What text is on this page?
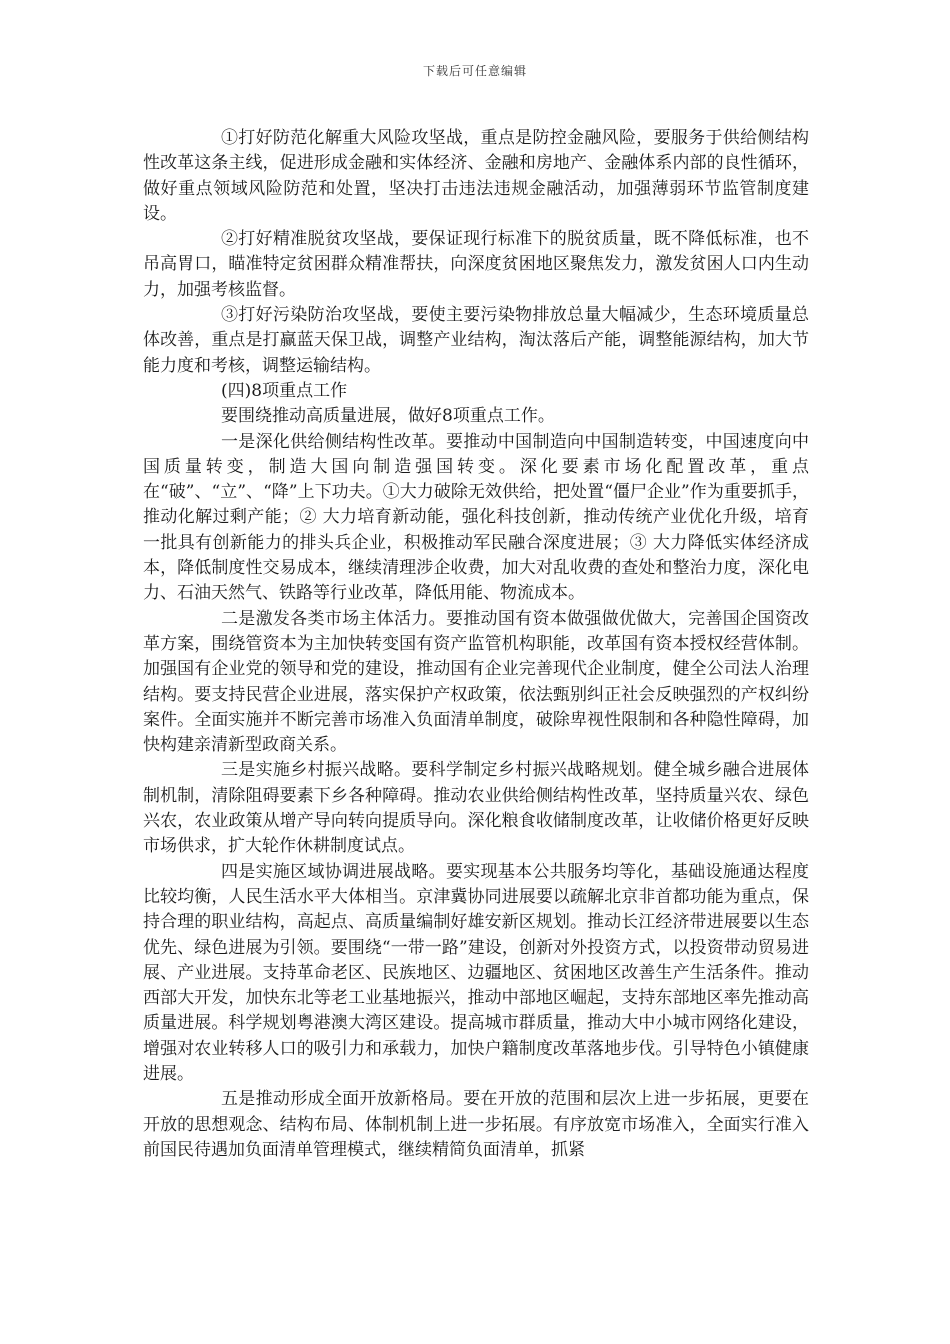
下载后可任意编辑

①打好防范化解重大风险攻坚战，重点是防控金融风险，要服务于供给侧结构性改革这条主线，促进形成金融和实体经济、金融和房地产、金融体系内部的良性循环，做好重点领域风险防范和处置，坚决打击违法违规金融活动，加强薄弱环节监管制度建设。

②打好精准脱贫攻坚战，要保证现行标准下的脱贫质量，既不降低标准，也不吊高胃口，瞄准特定贫困群众精准帮扶，向深度贫困地区聚焦发力，激发贫困人口内生动力，加强考核监督。

③打好污染防治攻坚战，要使主要污染物排放总量大幅减少，生态环境质量总体改善，重点是打赢蓝天保卫战，调整产业结构，淘汰落后产能，调整能源结构，加大节能力度和考核，调整运输结构。

(四)8项重点工作

要围绕推动高质量进展，做好8项重点工作。

一是深化供给侧结构性改革。要推动中国制造向中国制造转变，中国速度向中国质量转变，制造大国向制造强国转变。深化要素市场化配置改革，重点在“破”、“立”、“降”上下功夫。①大力破除无效供给，把处置“僵尸企业”作为重要抓手，推动化解过剩产能；② 大力培育新动能，强化科技创新，推动传统产业优化升级，培育一批具有创新能力的排头兵企业，积极推动军民融合深度进展；③ 大力降低实体经济成本，降低制度性交易成本，继续清理涉企收费，加大对乱收费的查处和整治力度，深化电力、石油天然气、铁路等行业改革，降低用能、物流成本。

二是激发各类市场主体活力。要推动国有资本做强做优做大，完善国企国资改革方案，围绕管资本为主加快转变国有资产监管机构职能，改革国有资本授权经营体制。加强国有企业党的领导和党的建设，推动国有企业完善现代企业制度，健全公司法人治理结构。要支持民营企业进展，落实保护产权政策，依法甄别纠正社会反映强烈的产权纠纷案件。全面实施并不断完善市场准入负面清单制度，破除卑视性限制和各种隐性障碍，加快构建亲清新型政商关系。

三是实施乡村振兴战略。要科学制定乡村振兴战略规划。健全城乡融合进展体制机制，清除阻碍要素下乡各种障碍。推动农业供给侧结构性改革，坚持质量兴农、绿色兴农，农业政策从增产导向转向提质导向。深化粮食收储制度改革，让收储价格更好反映市场供求，扩大轮作休耕制度试点。

四是实施区域协调进展战略。要实现基本公共服务均等化，基础设施通达程度比较均衡，人民生活水平大体相当。京津冀协同进展要以疏解北京非首都功能为重点，保持合理的职业结构，高起点、高质量编制好雄安新区规划。推动长江经济带进展要以生态优先、绿色进展为引领。要围绕“一带一路”建设，创新对外投资方式，以投资带动贸易进展、产业进展。支持革命老区、民族地区、边疆地区、贫困地区改善生产生活条件。推动西部大开发，加快东北等老工业基地振兴，推动中部地区崛起，支持东部地区率先推动高质量进展。科学规划粤港澳大湾区建设。提高城市群质量，推动大中小城市网络化建设，增强对农业转移人口的吸引力和承载力，加快户籍制度改革落地步伐。引导特色小镇健康进展。

五是推动形成全面开放新格局。要在开放的范围和层次上进一步拓展，更要在开放的思想观念、结构布局、体制机制上进一步拓展。有序放宽市场准入，全面实行准入前国民待遇加负面清单管理模式，继续精简负面清单，抓紧
